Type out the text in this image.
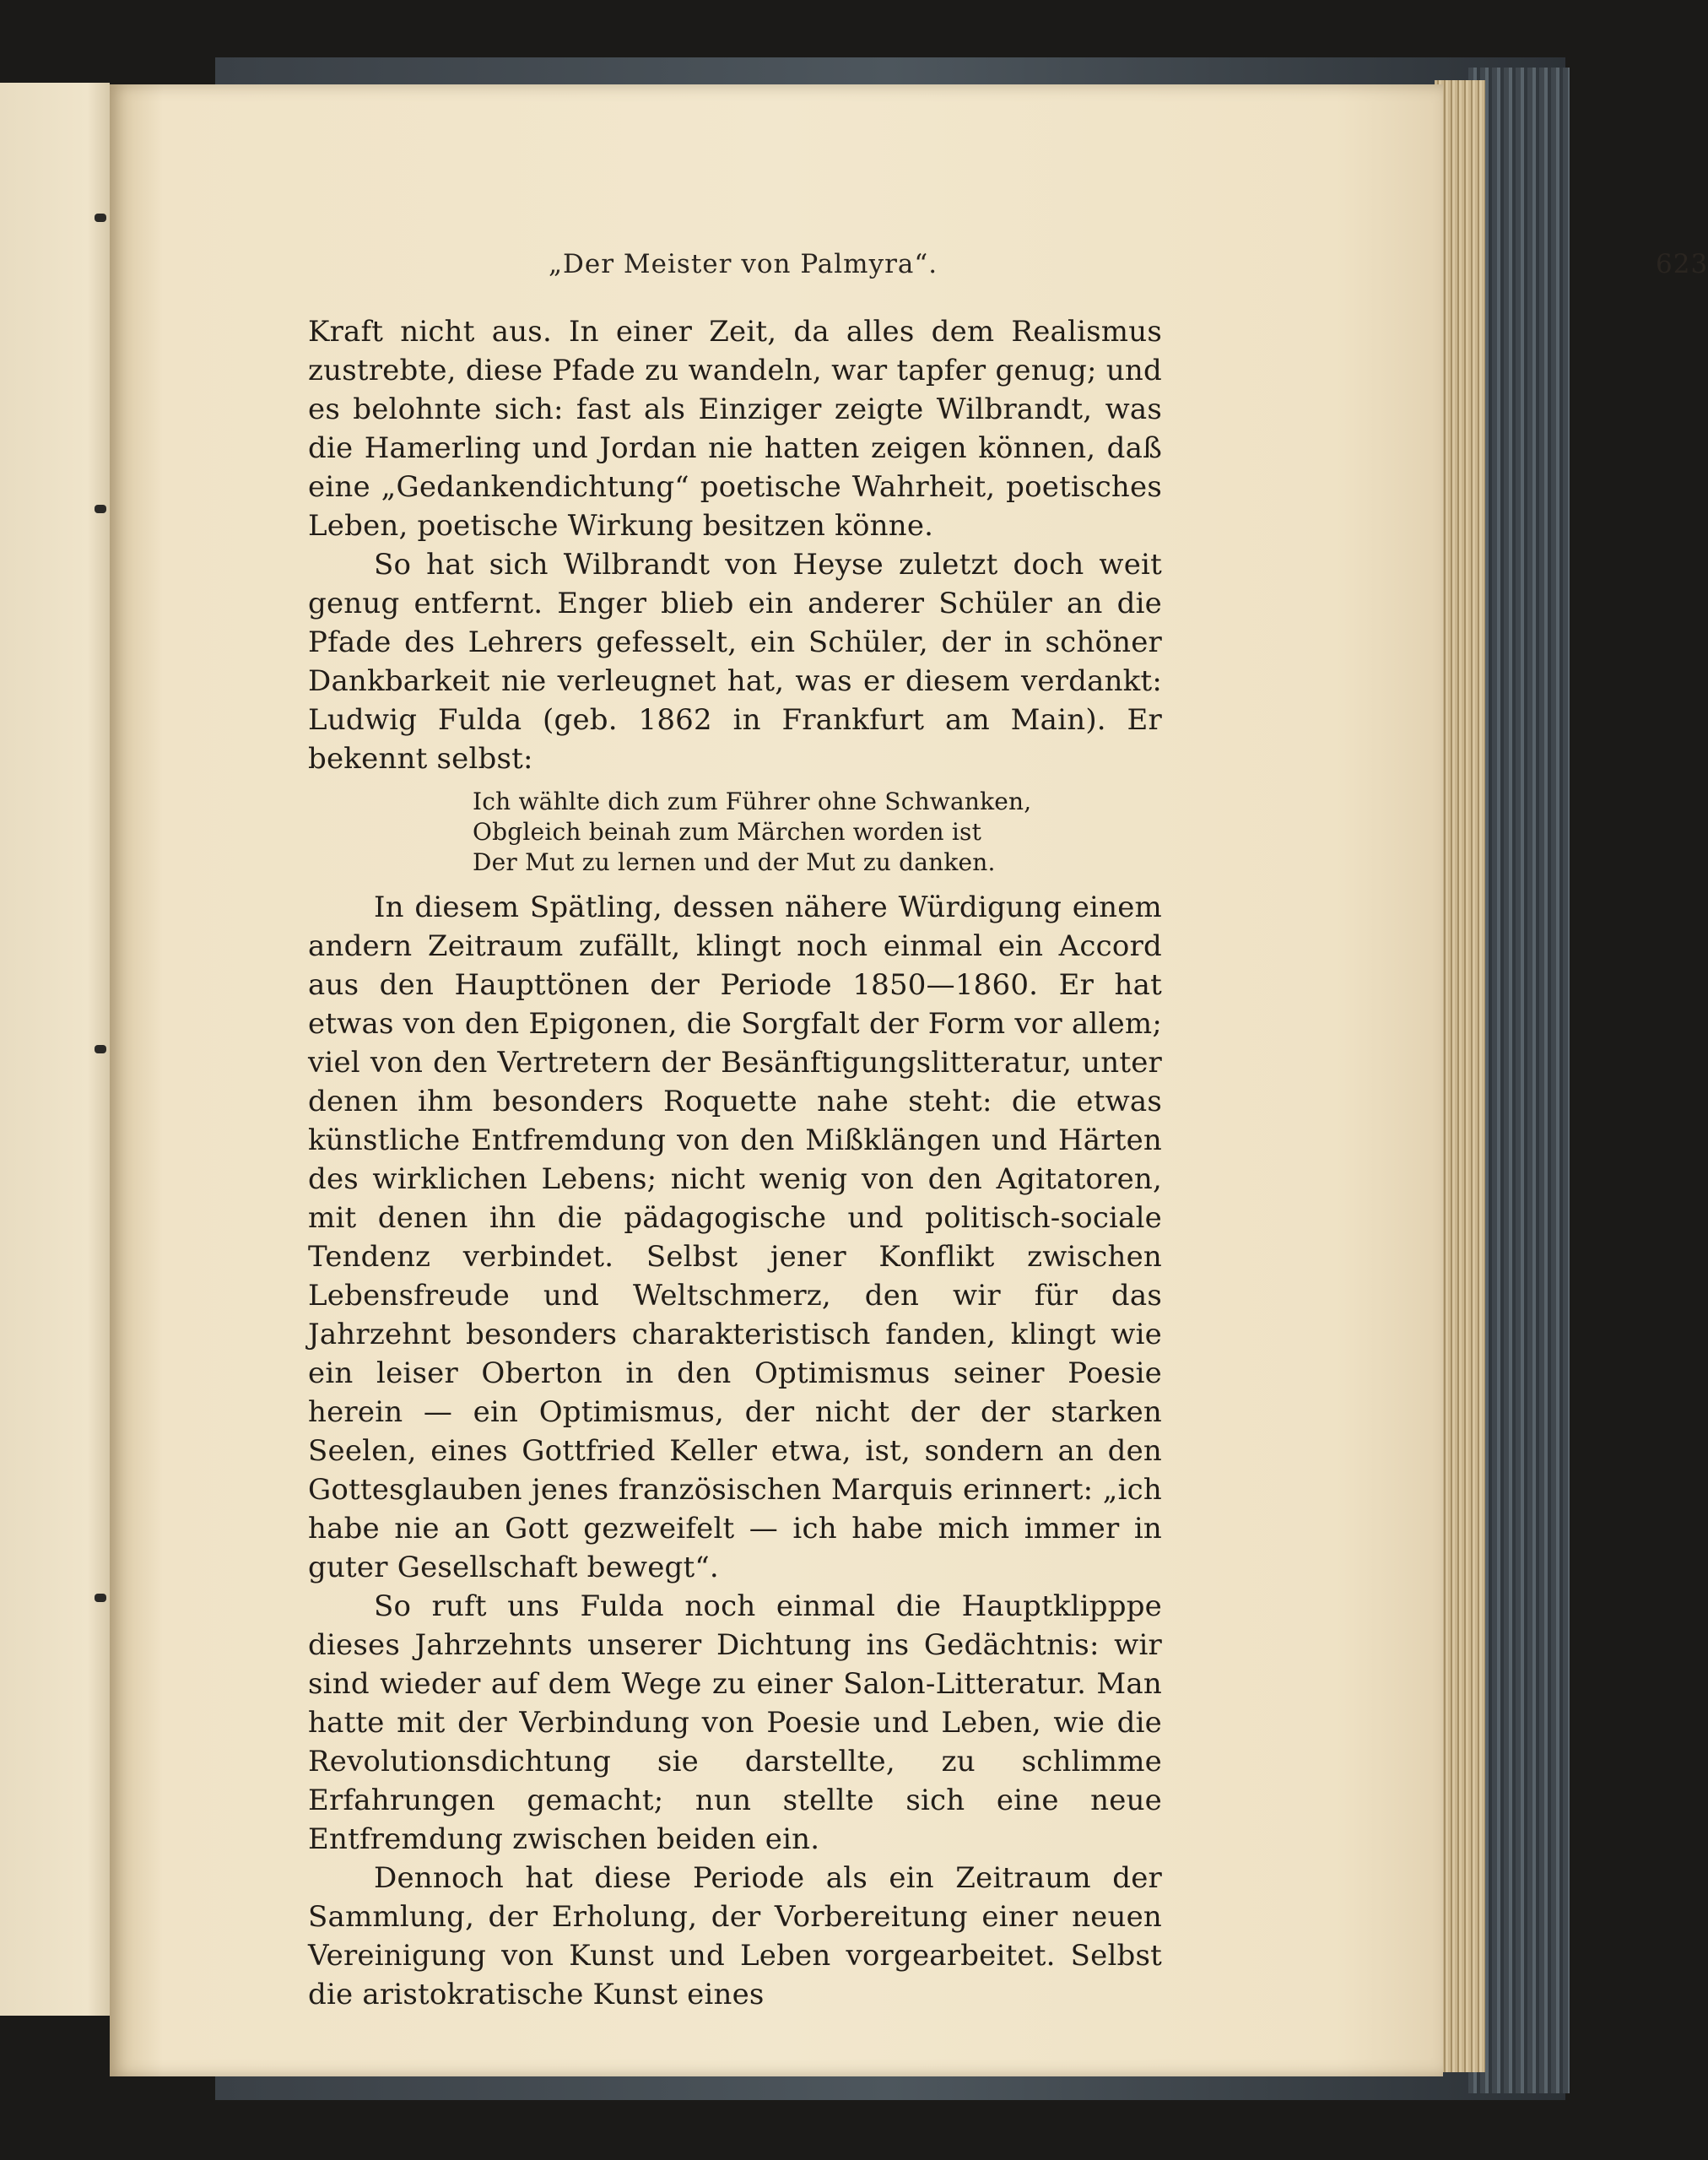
„Der Meister von Palmyra“.	623

Kraft nicht aus. In einer Zeit, da alles dem Realismus zustrebte, diese Pfade zu wandeln, war tapfer genug; und es belohnte sich: fast als Einziger zeigte Wilbrandt, was die Hamerling und Jordan nie hatten zeigen können, daß eine „Gedankendichtung“ poetische Wahrheit, poetisches Leben, poetische Wirkung besitzen könne.

So hat sich Wilbrandt von Heyse zuletzt doch weit genug entfernt. Enger blieb ein anderer Schüler an die Pfade des Lehrers gefesselt, ein Schüler, der in schöner Dankbarkeit nie verleugnet hat, was er diesem verdankt: Ludwig Fulda (geb. 1862 in Frankfurt am Main). Er bekennt selbst:

Ich wählte dich zum Führer ohne Schwanken,
Obgleich beinah zum Märchen worden ist
Der Mut zu lernen und der Mut zu danken.

In diesem Spätling, dessen nähere Würdigung einem andern Zeitraum zufällt, klingt noch einmal ein Accord aus den Haupttönen der Periode 1850—1860. Er hat etwas von den Epigonen, die Sorgfalt der Form vor allem; viel von den Vertretern der Besänftigungslitteratur, unter denen ihm besonders Roquette nahe steht: die etwas künstliche Entfremdung von den Mißklängen und Härten des wirklichen Lebens; nicht wenig von den Agitatoren, mit denen ihn die pädagogische und politisch-sociale Tendenz verbindet. Selbst jener Konflikt zwischen Lebensfreude und Weltschmerz, den wir für das Jahrzehnt besonders charakteristisch fanden, klingt wie ein leiser Oberton in den Optimismus seiner Poesie herein — ein Optimismus, der nicht der der starken Seelen, eines Gottfried Keller etwa, ist, sondern an den Gottesglauben jenes französischen Marquis erinnert: „ich habe nie an Gott gezweifelt — ich habe mich immer in guter Gesellschaft bewegt“.

So ruft uns Fulda noch einmal die Hauptklipppe dieses Jahrzehnts unserer Dichtung ins Gedächtnis: wir sind wieder auf dem Wege zu einer Salon-Litteratur. Man hatte mit der Verbindung von Poesie und Leben, wie die Revolutionsdichtung sie darstellte, zu schlimme Erfahrungen gemacht; nun stellte sich eine neue Entfremdung zwischen beiden ein.

Dennoch hat diese Periode als ein Zeitraum der Sammlung, der Erholung, der Vorbereitung einer neuen Vereinigung von Kunst und Leben vorgearbeitet. Selbst die aristokratische Kunst eines
